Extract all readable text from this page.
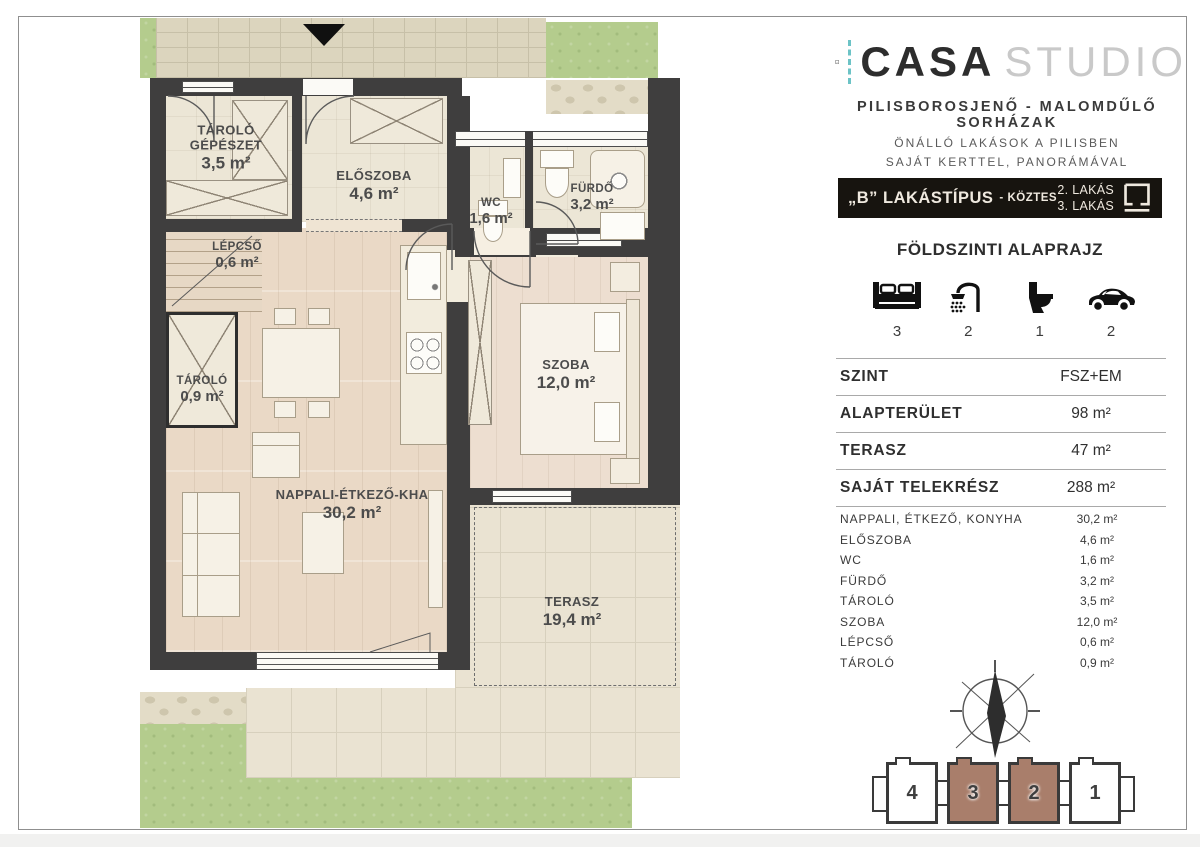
TÁROLÓ GÉPÉSZET
3,5 m²
ELŐSZOBA
4,6 m²
WC
1,6 m²
FÜRDŐ
3,2 m²
LÉPCSŐ
0,6 m²
TÁROLÓ
0,9 m²
SZOBA
12,0 m²
NAPPALI-ÉTKEZŐ-KHA
30,2 m²
TERASZ
19,4 m²
CASA STUDIO
PILISBOROSJENŐ - MALOMDŰLŐ SORHÁZAK
ÖNÁLLÓ LAKÁSOK A PILISBEN
SAJÁT KERTTEL, PANORÁMÁVAL
„B” LAKÁSTÍPUS - KÖZTES
2. LAKÁS
3. LAKÁS
FÖLDSZINTI ALAPRAJZ
3	2	1	2
SZINT	FSZ+EM
ALAPTERÜLET	98 m²
TERASZ	47 m²
SAJÁT TELEKRÉSZ	288 m²
NAPPALI, ÉTKEZŐ, KONYHA	30,2 m²
ELŐSZOBA	4,6 m²
WC	1,6 m²
FÜRDŐ	3,2 m²
TÁROLÓ	3,5 m²
SZOBA	12,0 m²
LÉPCSŐ	0,6 m²
TÁROLÓ	0,9 m²
4 3 2 1
